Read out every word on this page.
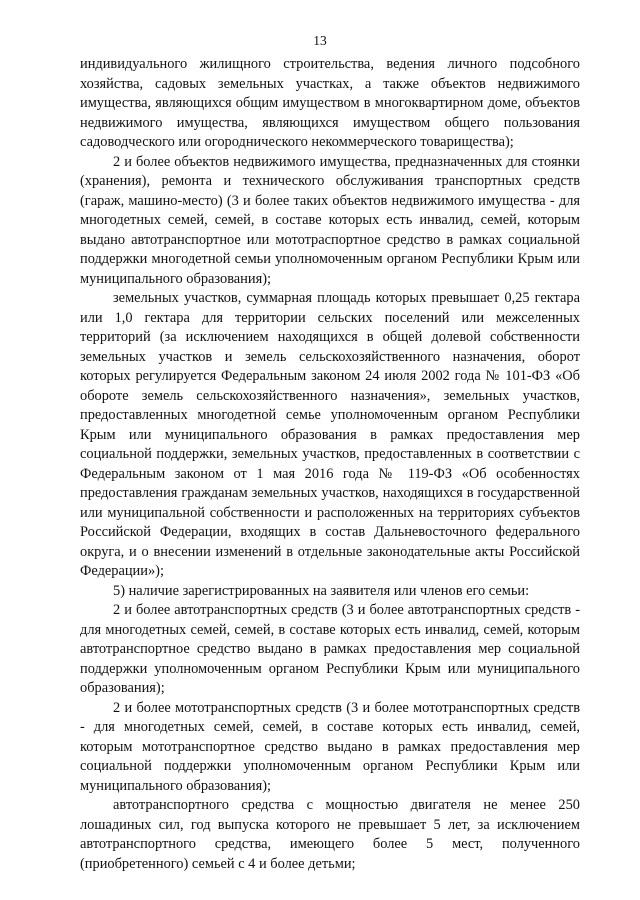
13

индивидуального жилищного строительства, ведения личного подсобного хозяйства, садовых земельных участках, а также объектов недвижимого имущества, являющихся общим имуществом в многоквартирном доме, объектов недвижимого имущества, являющихся имуществом общего пользования садоводческого или огороднического некоммерческого товарищества);

2 и более объектов недвижимого имущества, предназначенных для стоянки (хранения), ремонта и технического обслуживания транспортных средств (гараж, машино-место) (3 и более таких объектов недвижимого имущества - для многодетных семей, семей, в составе которых есть инвалид, семей, которым выдано автотранспортное или мототраспортное средство в рамках социальной поддержки многодетной семьи уполномоченным органом Республики Крым или муниципального образования);

земельных участков, суммарная площадь которых превышает 0,25 гектара или 1,0 гектара для территории сельских поселений или межселенных территорий (за исключением находящихся в общей долевой собственности земельных участков и земель сельскохозяйственного назначения, оборот которых регулируется Федеральным законом 24 июля 2002 года № 101-ФЗ «Об обороте земель сельскохозяйственного назначения», земельных участков, предоставленных многодетной семье уполномоченным органом Республики Крым или муниципального образования в рамках предоставления мер социальной поддержки, земельных участков, предоставленных в соответствии с Федеральным законом от 1 мая 2016 года № 119-ФЗ «Об особенностях предоставления гражданам земельных участков, находящихся в государственной или муниципальной собственности и расположенных на территориях субъектов Российской Федерации, входящих в состав Дальневосточного федерального округа, и о внесении изменений в отдельные законодательные акты Российской Федерации»);

5) наличие зарегистрированных на заявителя или членов его семьи:

2 и более автотранспортных средств (3 и более автотранспортных средств - для многодетных семей, семей, в составе которых есть инвалид, семей, которым автотранспортное средство выдано в рамках предоставления мер социальной поддержки уполномоченным органом Республики Крым или муниципального образования);

2 и более мототранспортных средств (3 и более мототранспортных средств - для многодетных семей, семей, в составе которых есть инвалид, семей, которым мототранспортное средство выдано в рамках предоставления мер социальной поддержки уполномоченным органом Республики Крым или муниципального образования);

автотранспортного средства с мощностью двигателя не менее 250 лошадиных сил, год выпуска которого не превышает 5 лет, за исключением автотранспортного средства, имеющего более 5 мест, полученного (приобретенного) семьей с 4 и более детьми;
